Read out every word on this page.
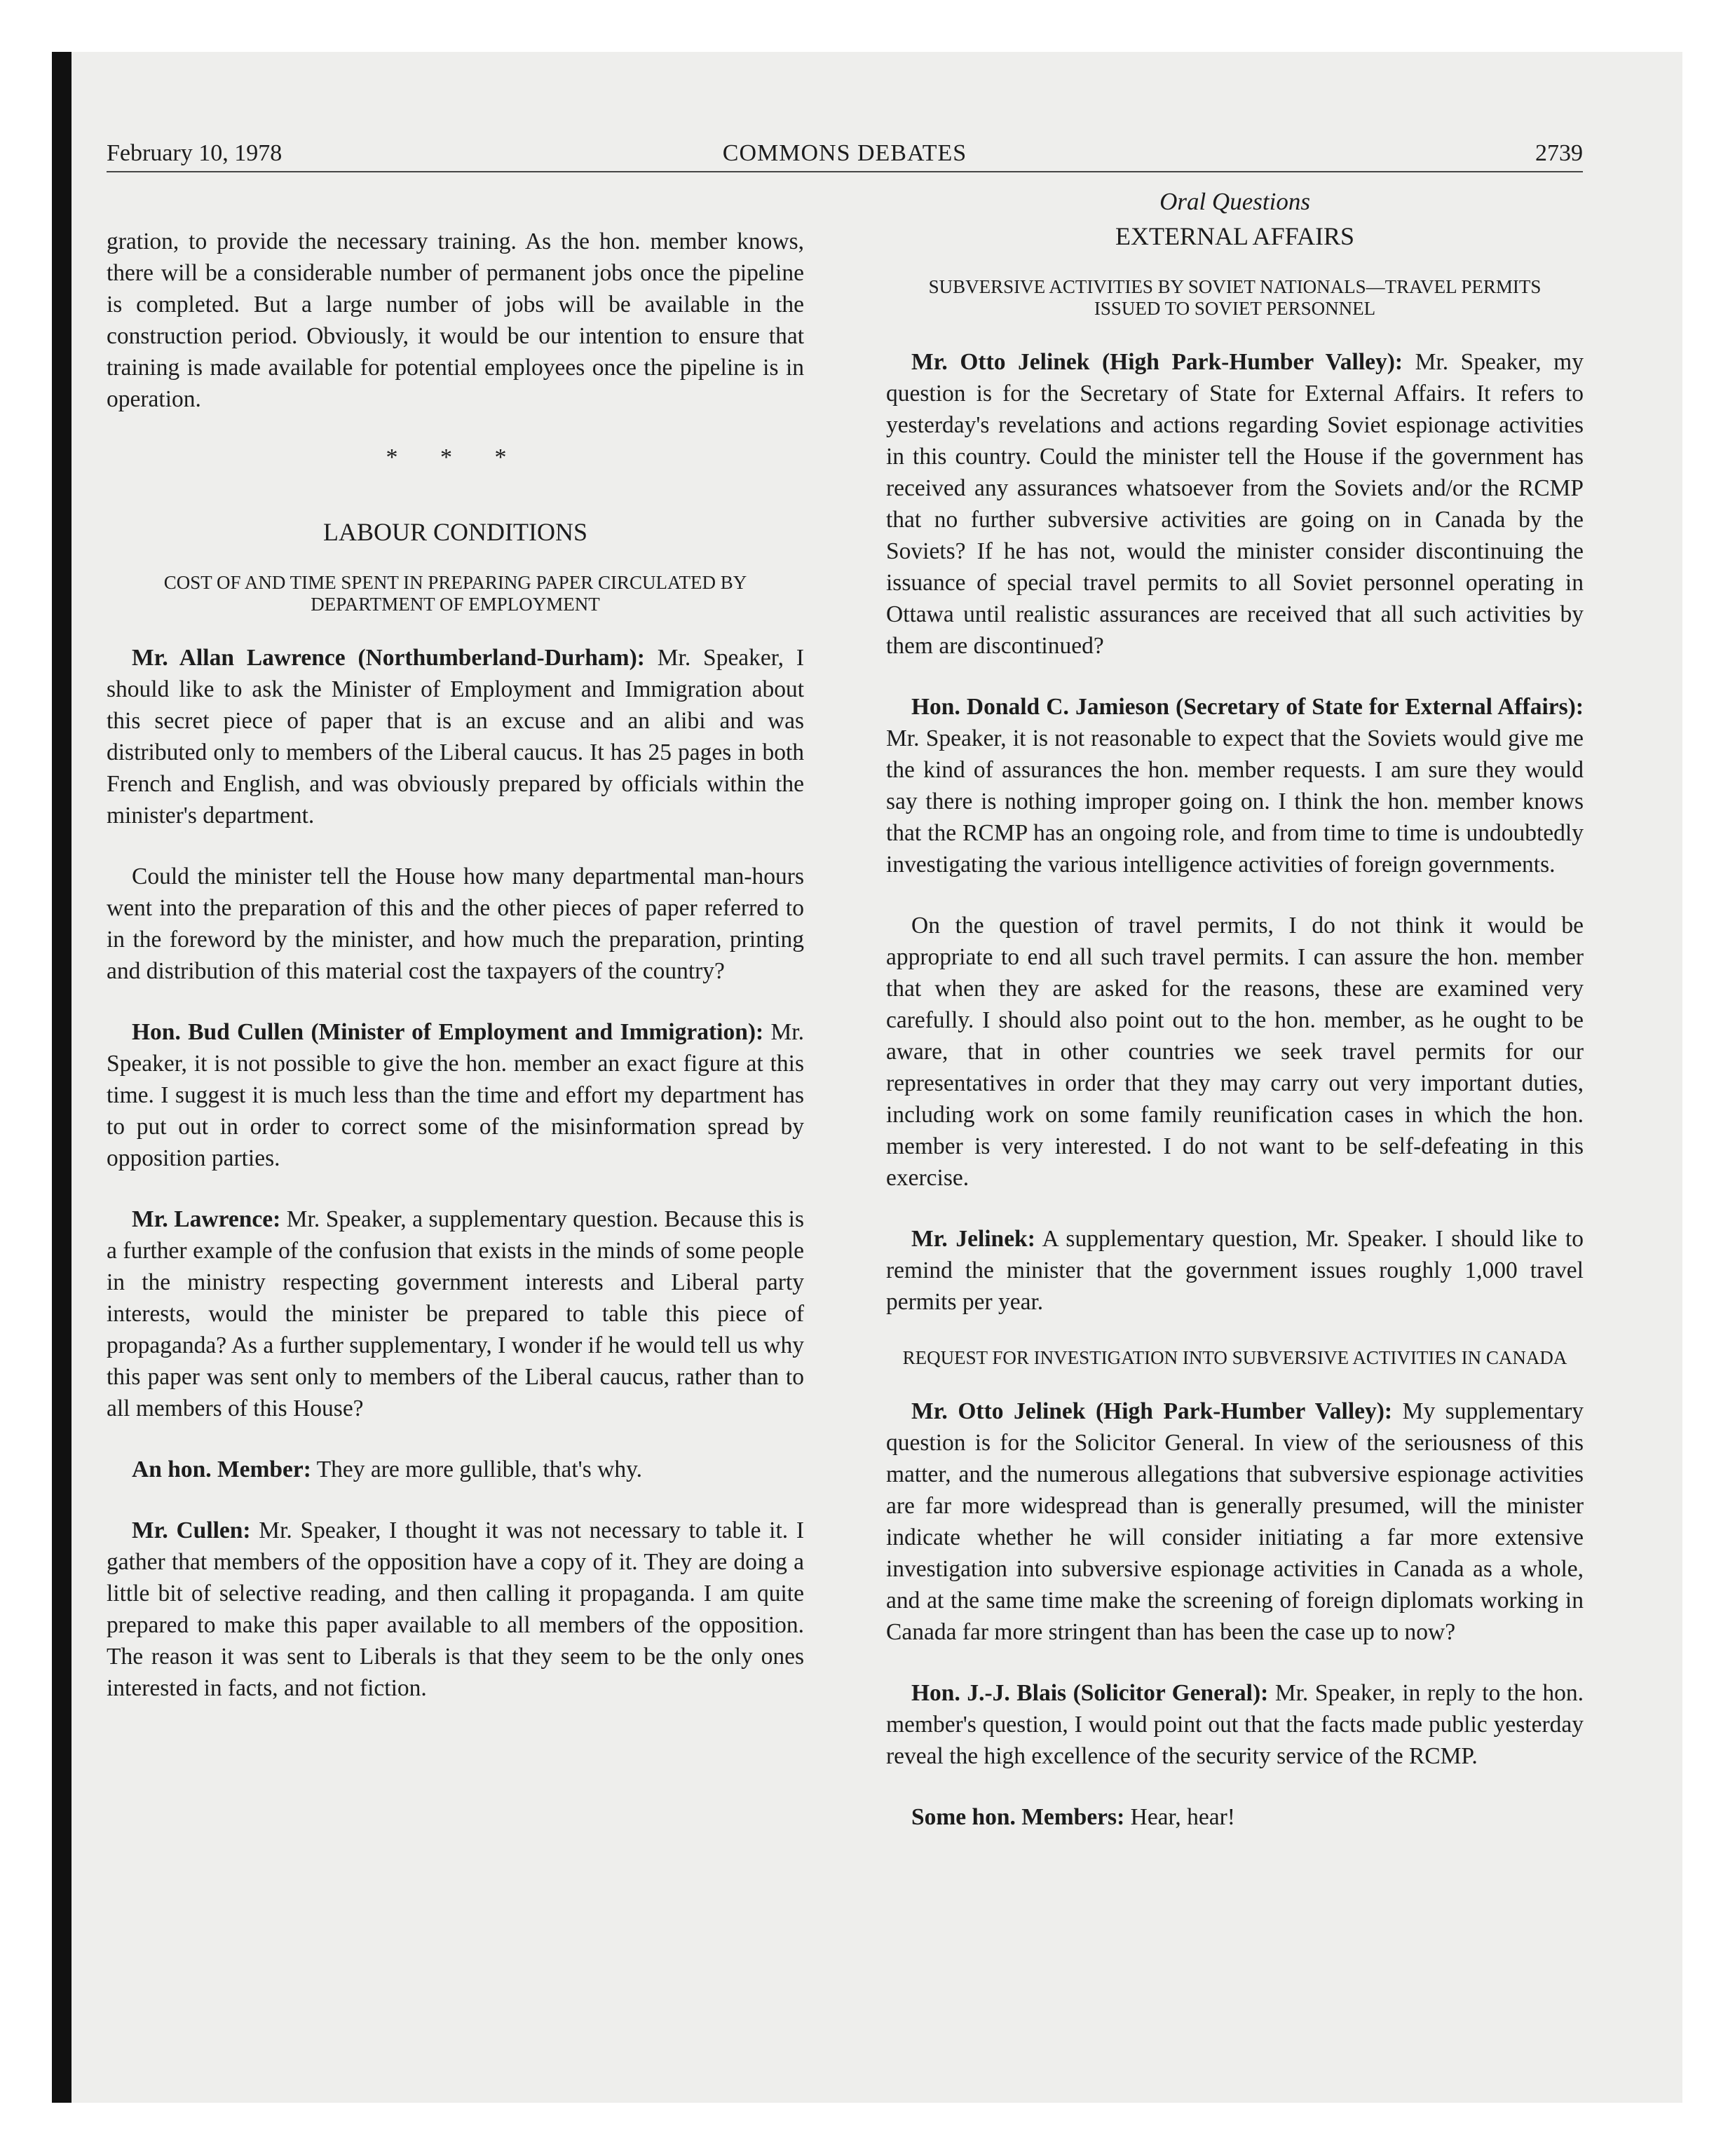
February 10, 1978	COMMONS DEBATES	2739

gration, to provide the necessary training. As the hon. member knows, there will be a considerable number of permanent jobs once the pipeline is completed. But a large number of jobs will be available in the construction period. Obviously, it would be our intention to ensure that training is made available for potential employees once the pipeline is in operation.

* * *
LABOUR CONDITIONS
COST OF AND TIME SPENT IN PREPARING PAPER CIRCULATED BY DEPARTMENT OF EMPLOYMENT

Mr. Allan Lawrence (Northumberland-Durham): Mr. Speaker, I should like to ask the Minister of Employment and Immigration about this secret piece of paper that is an excuse and an alibi and was distributed only to members of the Liberal caucus. It has 25 pages in both French and English, and was obviously prepared by officials within the minister's department.

Could the minister tell the House how many departmental man-hours went into the preparation of this and the other pieces of paper referred to in the foreword by the minister, and how much the preparation, printing and distribution of this material cost the taxpayers of the country?

Hon. Bud Cullen (Minister of Employment and Immigration): Mr. Speaker, it is not possible to give the hon. member an exact figure at this time. I suggest it is much less than the time and effort my department has to put out in order to correct some of the misinformation spread by opposition parties.

Mr. Lawrence: Mr. Speaker, a supplementary question. Because this is a further example of the confusion that exists in the minds of some people in the ministry respecting government interests and Liberal party interests, would the minister be prepared to table this piece of propaganda? As a further supplementary, I wonder if he would tell us why this paper was sent only to members of the Liberal caucus, rather than to all members of this House?

An hon. Member: They are more gullible, that's why.

Mr. Cullen: Mr. Speaker, I thought it was not necessary to table it. I gather that members of the opposition have a copy of it. They are doing a little bit of selective reading, and then calling it propaganda. I am quite prepared to make this paper available to all members of the opposition. The reason it was sent to Liberals is that they seem to be the only ones interested in facts, and not fiction.

Oral Questions
EXTERNAL AFFAIRS
SUBVERSIVE ACTIVITIES BY SOVIET NATIONALS—TRAVEL PERMITS ISSUED TO SOVIET PERSONNEL

Mr. Otto Jelinek (High Park-Humber Valley): Mr. Speaker, my question is for the Secretary of State for External Affairs. It refers to yesterday's revelations and actions regarding Soviet espionage activities in this country. Could the minister tell the House if the government has received any assurances whatsoever from the Soviets and/or the RCMP that no further subversive activities are going on in Canada by the Soviets? If he has not, would the minister consider discontinuing the issuance of special travel permits to all Soviet personnel operating in Ottawa until realistic assurances are received that all such activities by them are discontinued?

Hon. Donald C. Jamieson (Secretary of State for External Affairs): Mr. Speaker, it is not reasonable to expect that the Soviets would give me the kind of assurances the hon. member requests. I am sure they would say there is nothing improper going on. I think the hon. member knows that the RCMP has an ongoing role, and from time to time is undoubtedly investigating the various intelligence activities of foreign governments.

On the question of travel permits, I do not think it would be appropriate to end all such travel permits. I can assure the hon. member that when they are asked for the reasons, these are examined very carefully. I should also point out to the hon. member, as he ought to be aware, that in other countries we seek travel permits for our representatives in order that they may carry out very important duties, including work on some family reunification cases in which the hon. member is very interested. I do not want to be self-defeating in this exercise.

Mr. Jelinek: A supplementary question, Mr. Speaker. I should like to remind the minister that the government issues roughly 1,000 travel permits per year.

REQUEST FOR INVESTIGATION INTO SUBVERSIVE ACTIVITIES IN CANADA

Mr. Otto Jelinek (High Park-Humber Valley): My supplementary question is for the Solicitor General. In view of the seriousness of this matter, and the numerous allegations that subversive espionage activities are far more widespread than is generally presumed, will the minister indicate whether he will consider initiating a far more extensive investigation into subversive espionage activities in Canada as a whole, and at the same time make the screening of foreign diplomats working in Canada far more stringent than has been the case up to now?

Hon. J.-J. Blais (Solicitor General): Mr. Speaker, in reply to the hon. member's question, I would point out that the facts made public yesterday reveal the high excellence of the security service of the RCMP.

Some hon. Members: Hear, hear!
